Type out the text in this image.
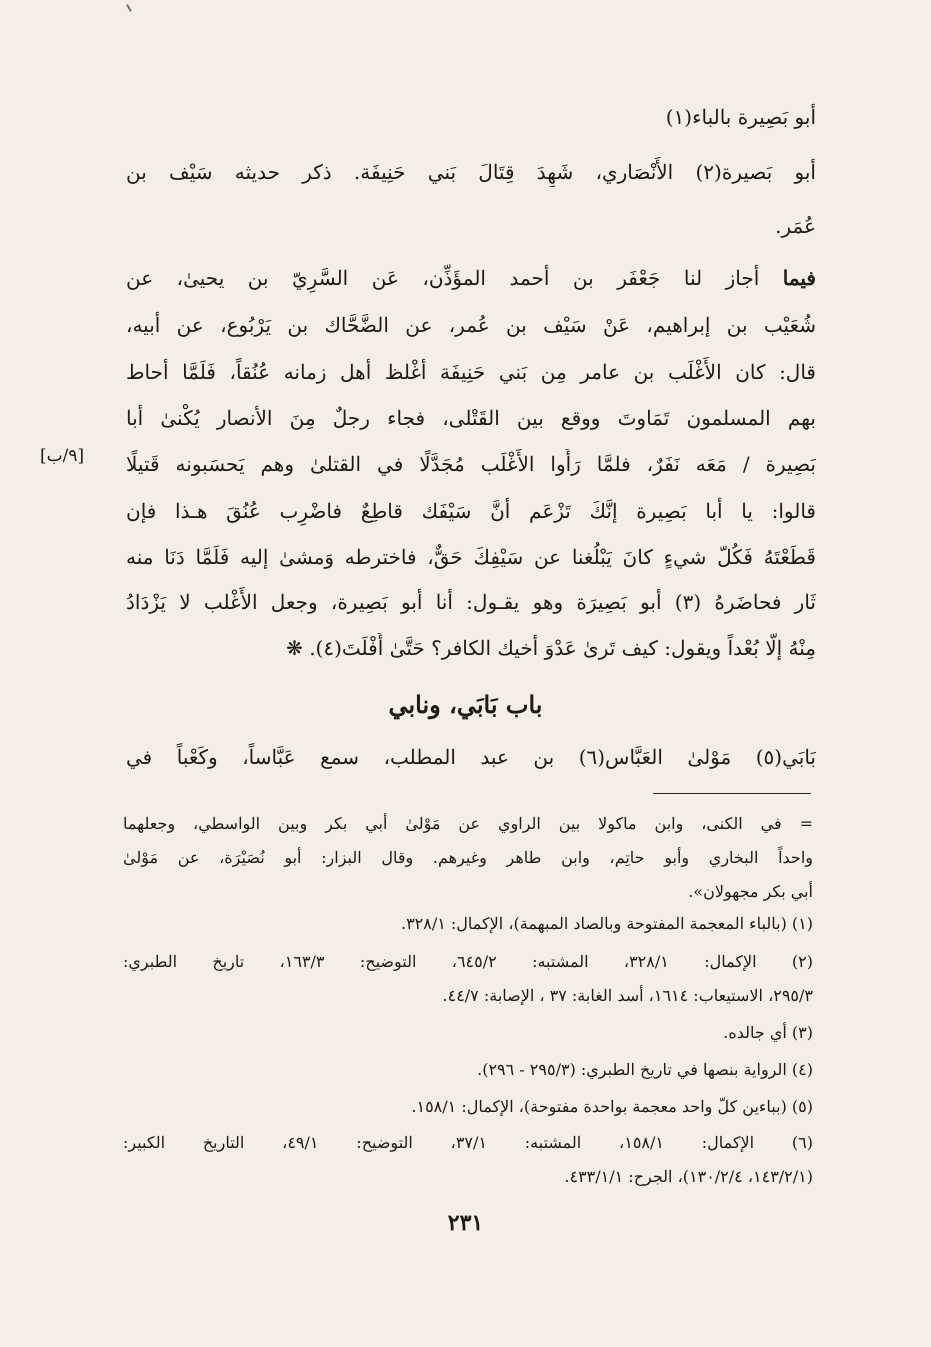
أبو بَصِيرة بالباء(١)
أبو بَصيرة(٢) الأَنْصَاري، شَهِدَ قِتَالَ بَني حَنِيفَة. ذكر حديثه سَيْف بن
عُمَر.
فيما أجاز لنا جَعْفَر بن أحمد المؤَذِّن، عَن السَّرِيّ بن يحيىٰ، عن
شُعَيْب بن إبراهيم، عَنْ سَيْف بن عُمر، عن الضَّحَّاك بن يَرْبُوع، عن أبيه،
قال: كان الأَغْلَب بن عامر مِن بَني حَنِيفَة أغْلظ أهل زمانه عُنُقاً، فَلَمَّا أحاط
بهم المسلمون تَمَاوتَ ووقع بين القَتْلى، فجاء رجلٌ مِنَ الأنصار يُكْنىٰ أبا
بَصِيرة / مَعَه نَفَرٌ، فلمَّا رَأَوا الأَغْلَب مُجَدَّلًا في القتلىٰ وهم يَحسَبونه قَتيلًا
قالوا: يا أبا بَصِيرة إنَّكَ تَزْعَم أنَّ سَيْفَك قاطِعٌ فاضْرِب عُنُقَ هـذا فإن
قَطَعْتَهُ فَكُلّ شيءٍ كانَ يَبْلُغنا عن سَيْفِكَ حَقٌّ، فاخترطه وَمشىٰ إليه فَلَمَّا دَنَا منه
ثَار فحاضَرهُ (٣) أبو بَصِيرَة وهو يقـول: أنا أبو بَصِيرة، وجعل الأَغْلب لا يَزْدَادُ
مِنْهُ إلَّا بُعْداً ويقول: كيف تَرىٰ عَدْوَ أخيك الكافر؟ حَتَّىٰ أَفْلَتَ(٤). ❋
[٩/ب]
باب بَابَي، ونابي
بَابَي(٥) مَوْلىٰ العَبَّاس(٦) بن عبد المطلب، سمع عَبَّاساً، وكَعْباً في
= في الكنى، وابن ماكولا بين الراوي عن مَوْلىٰ أبي بكر وبين الواسطي، وجعلهما
واحداً البخاري وأبو حاتِم، وابن طاهر وغيرهم. وقال البزار: أبو نُصَيْرَة، عن مَوْلىٰ
أبي بكر مجهولان».
(١) (بالباء المعجمة المفتوحة وبالصاد المبهمة)، الإكمال: ٣٢٨/١.
(٢) الإكمال: ٣٢٨/١، المشتبه: ٦٤٥/٢، التوضيح: ١٦٣/٣، تاريخ الطبري:
٢٩٥/٣، الاستيعاب: ١٦١٤، أسد الغابة: ٣٧ ، الإصابة: ٤٤/٧.
(٣) أي جالده.
(٤) الرواية بنصها في تاريخ الطبري: (٢٩٥/٣ - ٢٩٦).
(٥) (بباءين كلّ واحد معجمة بواحدة مفتوحة)، الإكمال: ١٥٨/١.
(٦) الإكمال: ١٥٨/١، المشتبه: ٣٧/١، التوضيح: ٤٩/١، التاريخ الكبير:
(١٤٣/٢/١، ١٣٠/٢/٤)، الجرح: ٤٣٣/١/١.
٢٣١
